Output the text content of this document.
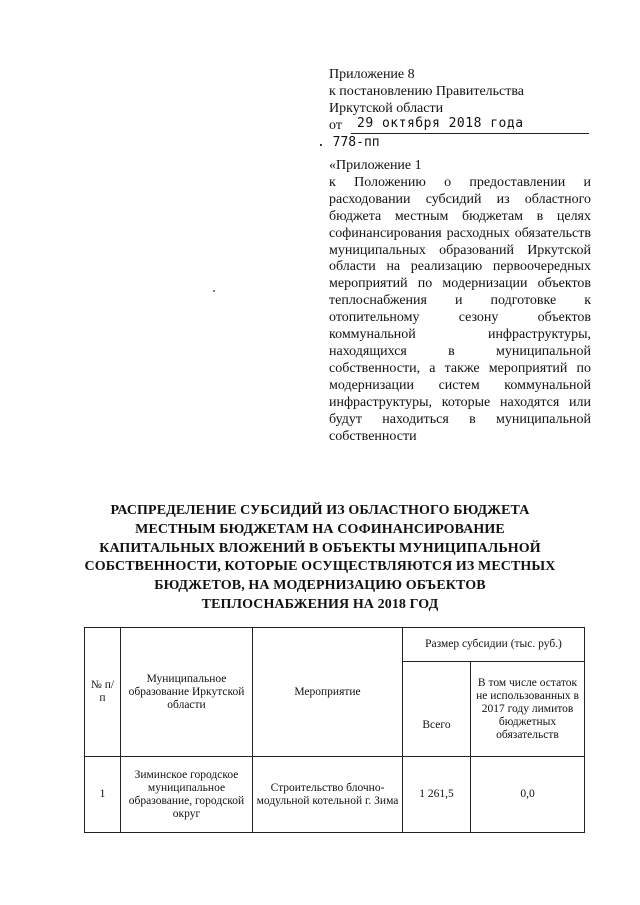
Приложение 8
к постановлению Правительства
Иркутской области
от 29 октября 2018 года
. 778-пп
«Приложение 1
к Положению о предоставлении и расходовании субсидий из областного бюджета местным бюджетам в целях софинансирования расходных обязательств муниципальных образований Иркутской области на реализацию первоочередных мероприятий по модернизации объектов теплоснабжения и подготовке к отопительному сезону объектов коммунальной инфраструктуры, находящихся в муниципальной собственности, а также мероприятий по модернизации систем коммунальной инфраструктуры, которые находятся или будут находиться в муниципальной собственности
РАСПРЕДЕЛЕНИЕ СУБСИДИЙ ИЗ ОБЛАСТНОГО БЮДЖЕТА МЕСТНЫМ БЮДЖЕТАМ НА СОФИНАНСИРОВАНИЕ КАПИТАЛЬНЫХ ВЛОЖЕНИЙ В ОБЪЕКТЫ МУНИЦИПАЛЬНОЙ СОБСТВЕННОСТИ, КОТОРЫЕ ОСУЩЕСТВЛЯЮТСЯ ИЗ МЕСТНЫХ БЮДЖЕТОВ, НА МОДЕРНИЗАЦИЮ ОБЪЕКТОВ ТЕПЛОСНАБЖЕНИЯ НА 2018 ГОД
№ п/п	Муниципальное образование Иркутской области	Мероприятие	Размер субсидии (тыс. руб.)	
			Всего	В том числе остаток не использованных в 2017 году лимитов бюджетных обязательств
1	Зиминское городское муниципальное образование, городской округ	Строительство блочно-модульной котельной г. Зима	1 261,5	0,0
